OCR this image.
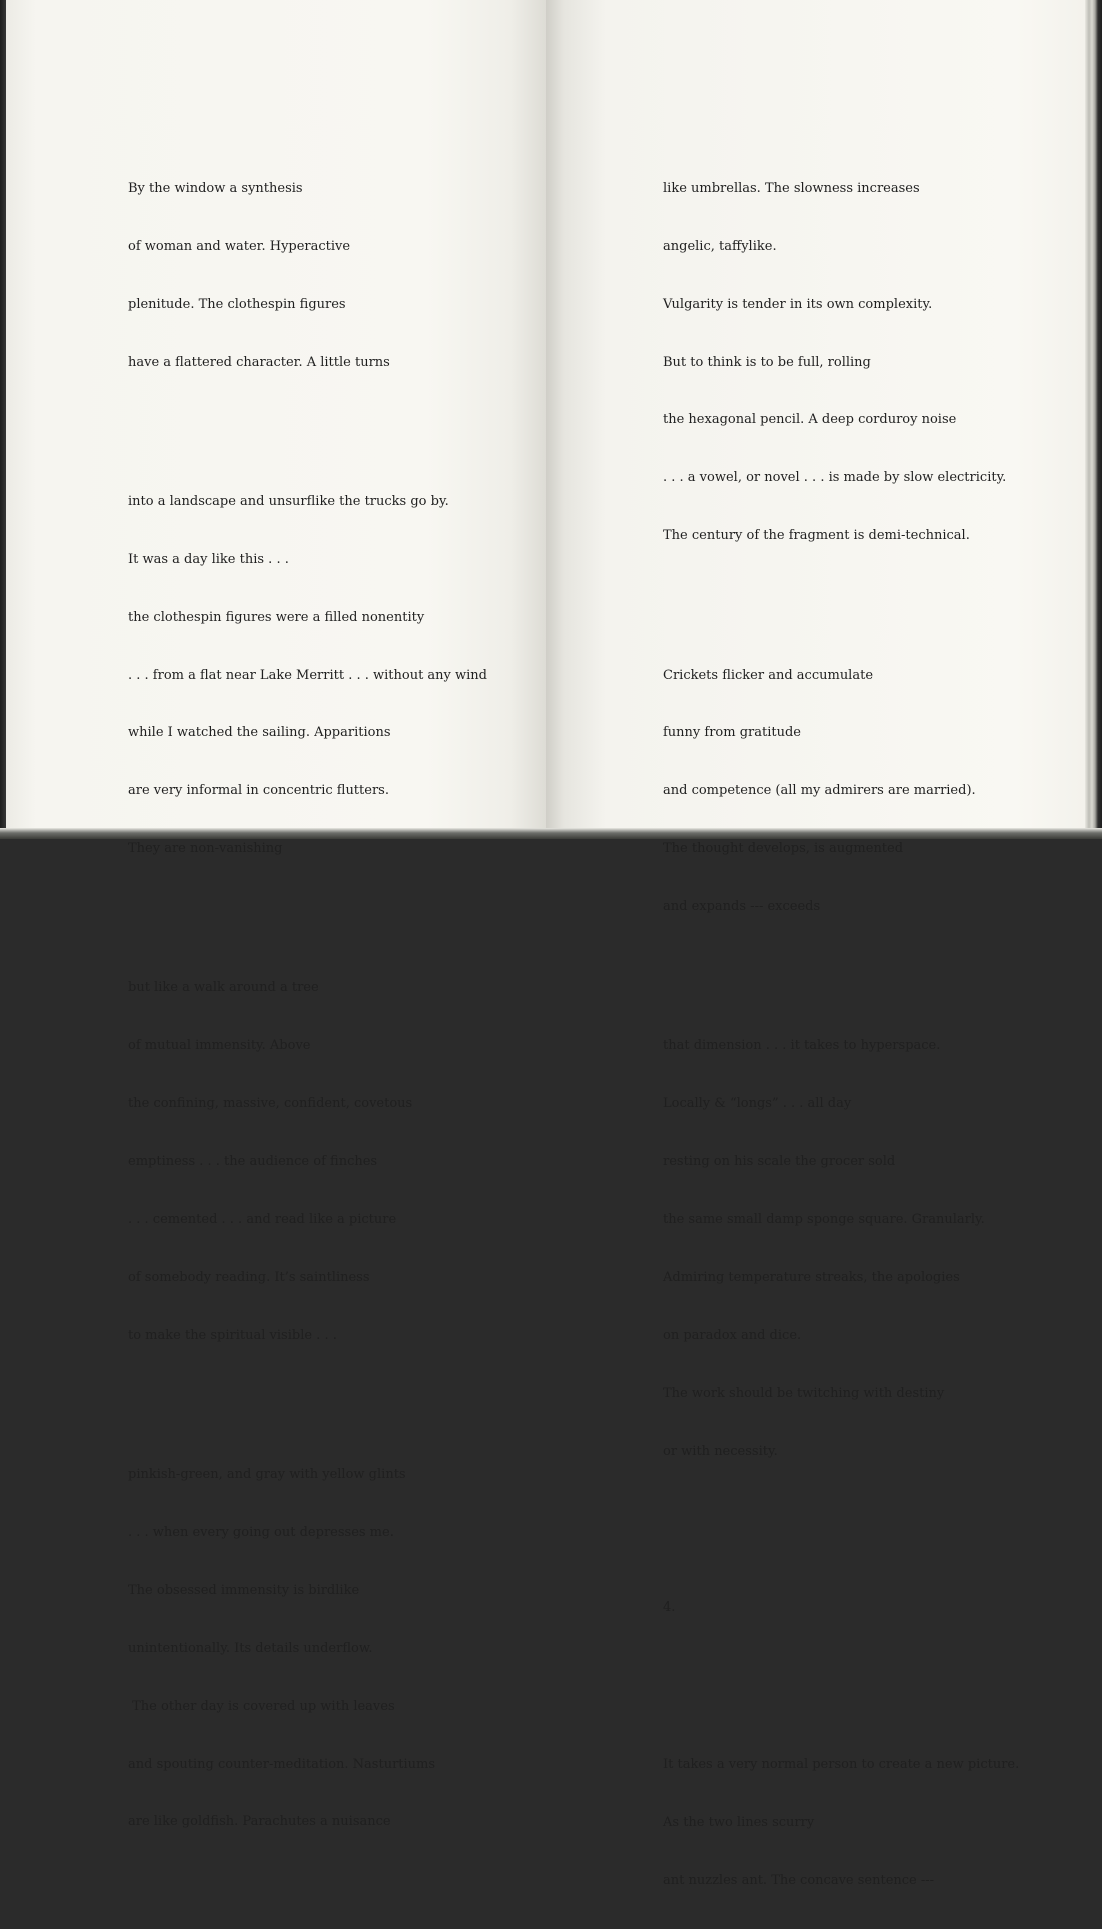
By the window a synthesis

of woman and water. Hyperactive

plenitude. The clothespin figures

have a flattered character. A little turns

into a landscape and unsurflike the trucks go by.

It was a day like this . . .

the clothespin figures were a filled nonentity

. . . from a flat near Lake Merritt . . . without any wind

while I watched the sailing. Apparitions

are very informal in concentric flutters.

They are non-vanishing

but like a walk around a tree

of mutual immensity. Above

the confining, massive, confident, covetous

emptiness . . . the audience of finches

. . . cemented . . . and read like a picture

of somebody reading. It’s saintliness

to make the spiritual visible . . .

pinkish-green, and gray with yellow glints

. . . when every going out depresses me.

The obsessed immensity is birdlike

unintentionally. Its details underflow.

The other day is covered up with leaves

and spouting counter-meditation. Nasturtiums

are like goldfish. Parachutes a nuisance

like umbrellas. The slowness increases

angelic, taffylike.

Vulgarity is tender in its own complexity.

But to think is to be full, rolling

the hexagonal pencil. A deep corduroy noise

. . . a vowel, or novel . . . is made by slow electricity.

The century of the fragment is demi-technical.

Crickets flicker and accumulate

funny from gratitude

and competence (all my admirers are married).

The thought develops, is augmented

and expands --- exceeds

that dimension . . . it takes to hyperspace.

Locally & “longs” . . . all day

resting on his scale the grocer sold

the same small damp sponge square. Granularly.

Admiring temperature streaks, the apologies

on paradox and dice.

The work should be twitching with destiny

or with necessity.

4.

It takes a very normal person to create a new picture.

As the two lines scurry

ant nuzzles ant. The concave sentence ---
